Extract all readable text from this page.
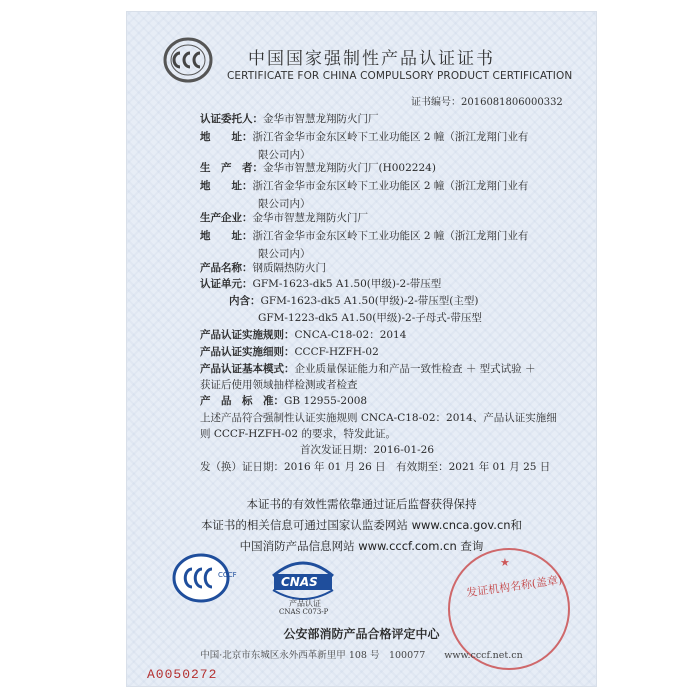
中国国家强制性产品认证证书
CERTIFICATE FOR CHINA COMPULSORY PRODUCT CERTIFICATION
证书编号：2016081806000332
认证委托人：金华市智慧龙翔防火门厂
地　　址：浙江省金华市金东区岭下工业功能区 2 幢（浙江龙翔门业有
限公司内）
生　产　者：金华市智慧龙翔防火门厂(H002224)
地　　址：浙江省金华市金东区岭下工业功能区 2 幢（浙江龙翔门业有
限公司内）
生产企业：金华市智慧龙翔防火门厂
地　　址：浙江省金华市金东区岭下工业功能区 2 幢（浙江龙翔门业有
限公司内）
产品名称：钢质隔热防火门
认证单元：GFM-1623-dk5 A1.50(甲级)-2-带压型
内含：GFM-1623-dk5 A1.50(甲级)-2-带压型(主型)
GFM-1223-dk5 A1.50(甲级)-2-子母式-带压型
产品认证实施规则：CNCA-C18-02：2014
产品认证实施细则：CCCF-HZFH-02
产品认证基本模式：企业质量保证能力和产品一致性检查 ＋ 型式试验 ＋
获证后使用领域抽样检测或者检查
产　品　标　准：GB 12955-2008
上述产品符合强制性认证实施规则 CNCA-C18-02：2014、产品认证实施细
则 CCCF-HZFH-02 的要求，特发此证。
首次发证日期：2016-01-26
发（换）证日期：2016 年 01 月 26 日　有效期至：2021 年 01 月 25 日
本证书的有效性需依靠通过证后监督获得保持
本证书的相关信息可通过国家认监委网站 www.cnca.gov.cn和
中国消防产品信息网站 www.cccf.com.cn 查询
CCCF	CNAS
产品认证
CNAS C073-P
★
发证机构名称(盖章)
公安部消防产品合格评定中心
中国·北京市东城区永外西革新里甲 108 号　100077　　www.cccf.net.cn
A0050272
